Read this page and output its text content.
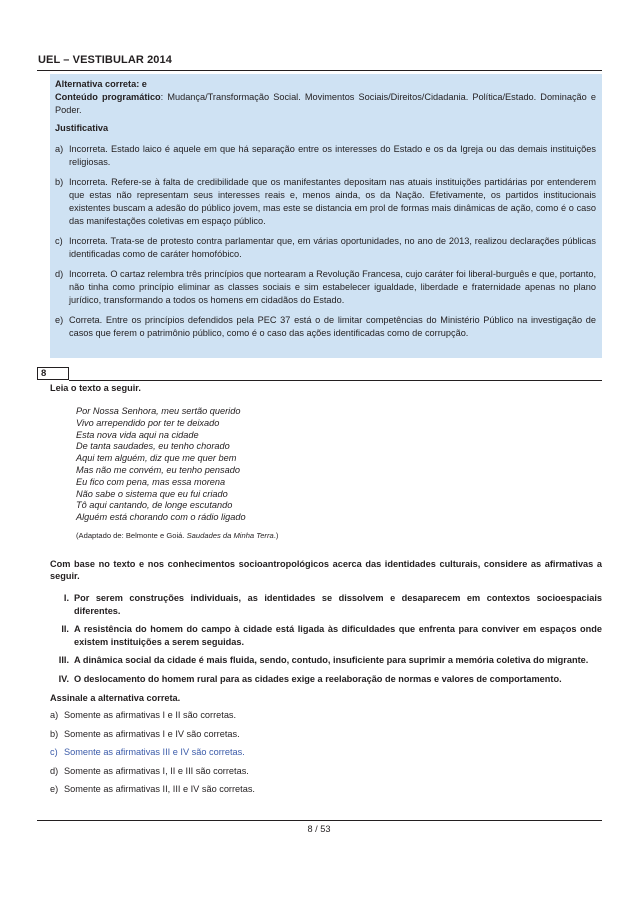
UEL – VESTIBULAR 2014

Alternativa correta: e

Conteúdo programático: Mudança/Transformação Social. Movimentos Sociais/Direitos/Cidadania. Política/Estado. Dominação e Poder.

Justificativa

a) Incorreta. Estado laico é aquele em que há separação entre os interesses do Estado e os da Igreja ou das demais instituições religiosas.
b) Incorreta. Refere-se à falta de credibilidade que os manifestantes depositam nas atuais instituições partidárias por entenderem que estas não representam seus interesses reais e, menos ainda, os da Nação. Efetivamente, os partidos institucionais existentes buscam a adesão do público jovem, mas este se distancia em prol de formas mais dinâmicas de ação, como é o caso das manifestações coletivas em espaço público.
c) Incorreta. Trata-se de protesto contra parlamentar que, em várias oportunidades, no ano de 2013, realizou declarações públicas identificadas como de caráter homofóbico.
d) Incorreta. O cartaz relembra três princípios que nortearam a Revolução Francesa, cujo caráter foi liberal-burguês e que, portanto, não tinha como princípio eliminar as classes sociais e sim estabelecer igualdade, liberdade e fraternidade apenas no plano jurídico, transformando a todos os homens em cidadãos do Estado.
e) Correta. Entre os princípios defendidos pela PEC 37 está o de limitar competências do Ministério Público na investigação de casos que ferem o patrimônio público, como é o caso das ações identificadas como de corrupção.
8

Leia o texto a seguir.

Por Nossa Senhora, meu sertão querido
Vivo arrependido por ter te deixado
Esta nova vida aqui na cidade
De tanta saudades, eu tenho chorado
Aqui tem alguém, diz que me quer bem
Mas não me convém, eu tenho pensado
Eu fico com pena, mas essa morena
Não sabe o sistema que eu fui criado
Tô aqui cantando, de longe escutando
Alguém está chorando com o rádio ligado
(Adaptado de: Belmonte e Goiá. Saudades da Minha Terra.)

Com base no texto e nos conhecimentos socioantropológicos acerca das identidades culturais, considere as afirmativas a seguir.

I. Por serem construções individuais, as identidades se dissolvem e desaparecem em contextos socioespaciais diferentes.
II. A resistência do homem do campo à cidade está ligada às dificuldades que enfrenta para conviver em espaços onde existem instituições a serem seguidas.
III. A dinâmica social da cidade é mais fluida, sendo, contudo, insuficiente para suprimir a memória coletiva do migrante.
IV. O deslocamento do homem rural para as cidades exige a reelaboração de normas e valores de comportamento.

Assinale a alternativa correta.

a) Somente as afirmativas I e II são corretas.
b) Somente as afirmativas I e IV são corretas.
c) Somente as afirmativas III e IV são corretas.
d) Somente as afirmativas I, II e III são corretas.
e) Somente as afirmativas II, III e IV são corretas.
8 / 53
